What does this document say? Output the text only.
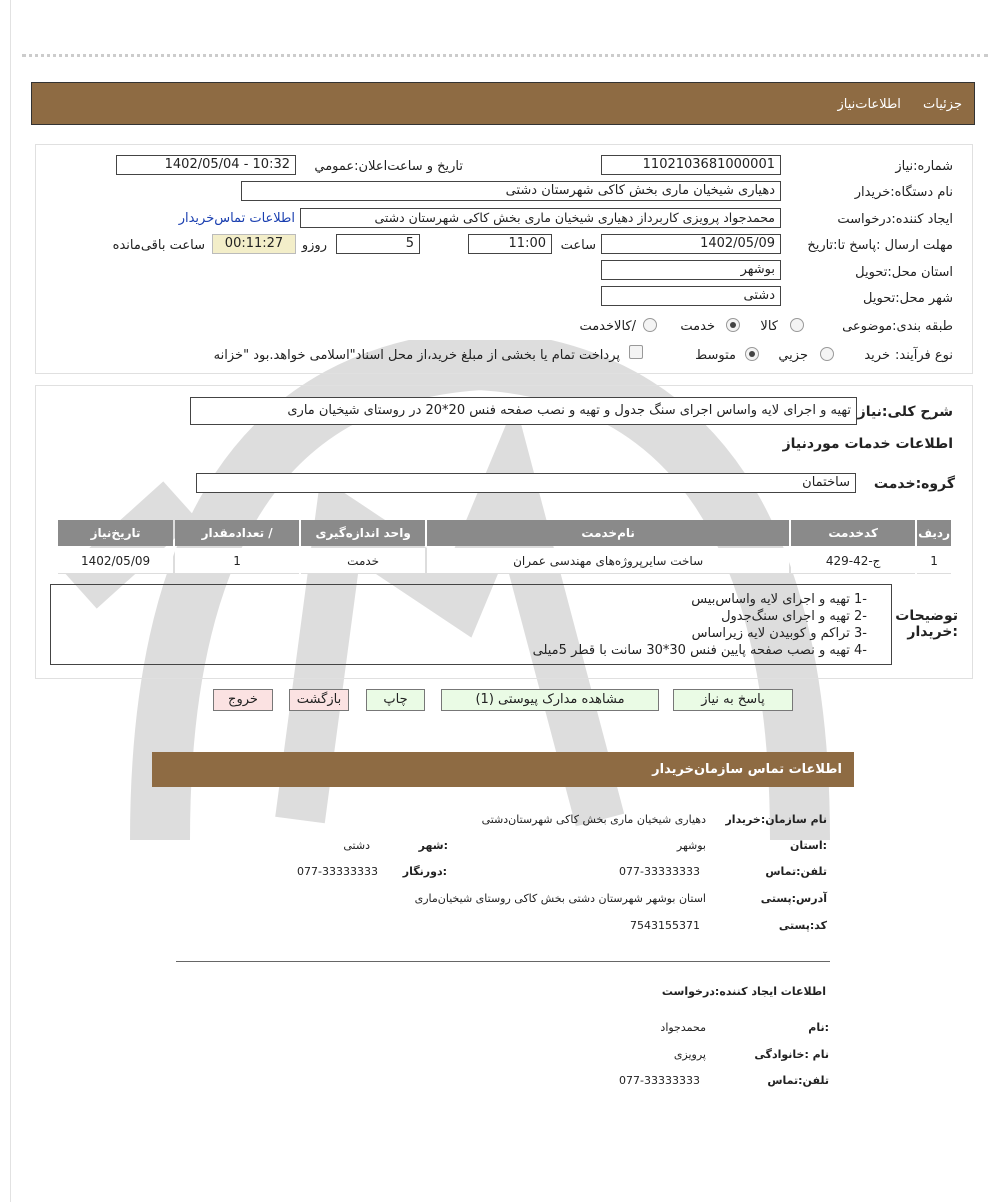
جزئیات اطلاعات‌نیاز
شماره:نیاز
1102103681000001
تاریخ و ساعت‌اعلان:عمومي
1402/05/04 - 10:32
نام دستگاه:خریدار
دهیاری شیخیان ماری بخش کاکی شهرستان دشتی
ایجاد کننده:درخواست
محمدجواد پرویزی کاربرداز دهیاری شیخیان ماری بخش کاکی شهرستان دشتی
اطلاعات تماس‌خریدار
مهلت ارسال :پاسخ تا:تاریخ
1402/05/09
ساعت
11:00
5
روزو
00:11:27
ساعت باقی‌مانده
استان محل:تحویل
بوشهر
شهر محل:تحویل
دشتی
طبقه بندی:موضوعی
کالا
خدمت
/کالاخدمت
نوع فرآیند:
خرید
جزيي
متوسط
پرداخت تمام یا بخشی از مبلغ خرید،از محل اسناد"اسلامی خواهد.بود "خزانه
شرح کلی:نیاز
تهیه و اجرای لایه واساس اجرای سنگ جدول و تهیه و نصب صفحه فنس 20*20 در روستای شیخیان ماری
اطلاعات خدمات موردنیاز
گروه:خدمت
ساختمان
ردیف	کدخدمت	نام‌خدمت	واحد اندازه‌گیری	/ تعدادمقدار	تاریخ‌نیاز
1	ج-42-429	ساخت سایرپروژه‌های مهندسی عمران	خدمت	1	1402/05/09
توضیحات :خریدار
-1 تهیه و اجرای لایه واساس‌بیس
-2 تهیه و اجرای سنگ‌جدول
-3 تراکم و کوبیدن لایه زیراساس
-4 تهیه و نصب صفحه پایین فنس 30*30 سانت با قطر 5میلی
پاسخ به نیاز
مشاهده مدارک پیوستی (1)
چاپ
بازگشت
خروج
اطلاعات تماس سازمان‌خریدار
نام سازمان:خریدار
دهیاری شیخیان ماری بخش کاکی شهرستان‌دشتی
:استان
بوشهر
:شهر
دشتی
تلفن:تماس
077-33333333
:دورنگار
077-33333333
آدرس:پستی
استان بوشهر شهرستان دشتی بخش کاکی روستای شیخیان‌ماری
کد:پستی
7543155371
اطلاعات ایجاد کننده:درخواست
:نام
محمدجواد
نام :خانوادگی
پرویزی
تلفن:تماس
077-33333333
